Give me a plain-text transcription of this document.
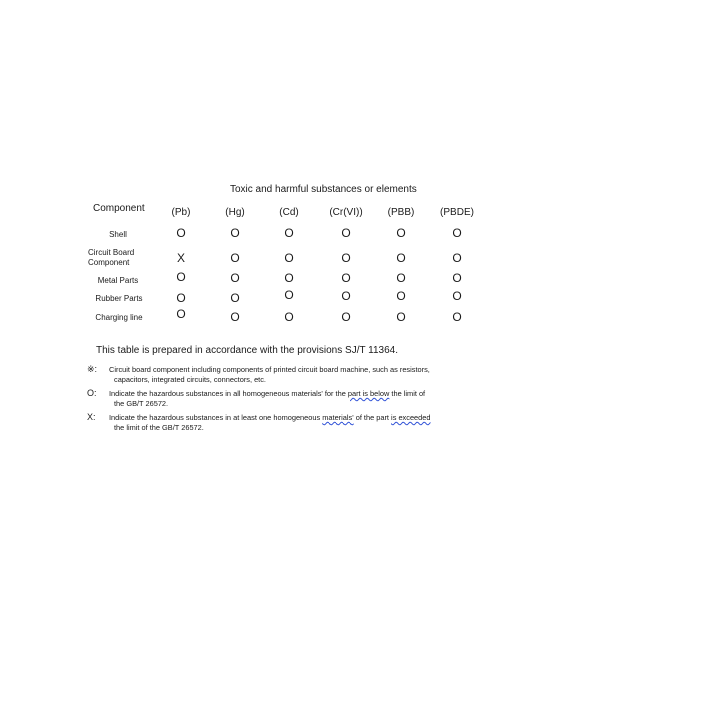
Toxic and harmful substances or elements
Component	(Pb)	(Hg)	(Cd)	(Cr(VI))	(PBB)	(PBDE)
Shell	O	O	O	O	O	O
Circuit Board
Component	X	O	O	O	O	O
Metal Parts	O	O	O	O	O	O
Rubber Parts	O	O	O	O	O	O
Charging line	O	O	O	O	O	O
This table is prepared in accordance with the provisions SJ/T 11364.
※: Circuit board component including components of printed circuit board machine, such as resistors,
capacitors, integrated circuits, connectors, etc.
O: Indicate the hazardous substances in all homogeneous materials' for the part is below the limit of
the GB/T 26572.
X: Indicate the hazardous substances in at least one homogeneous materials' of the part is exceeded
the limit of the GB/T 26572.
